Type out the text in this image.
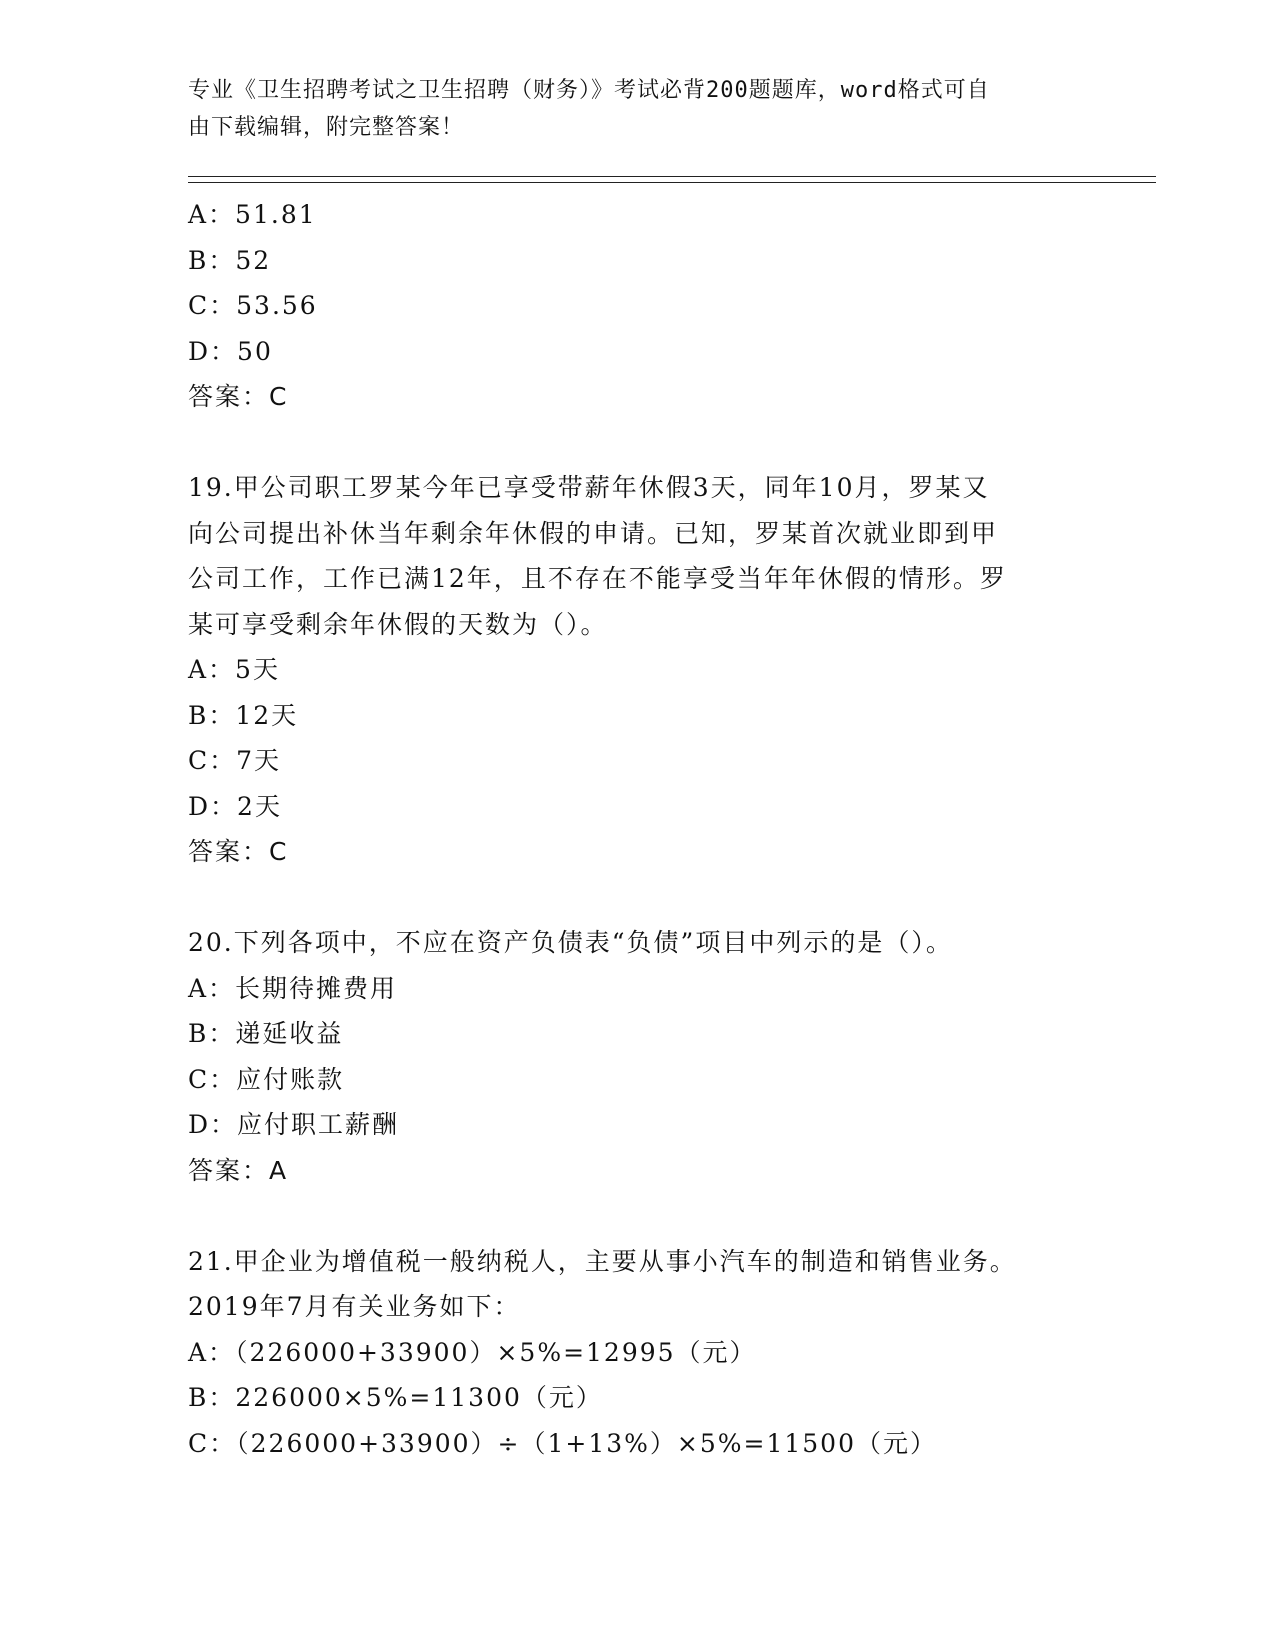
专业《卫生招聘考试之卫生招聘（财务）》考试必背200题题库，word格式可自
由下载编辑，附完整答案！
A：51.81
B：52
C：53.56
D：50
答案：C
19.甲公司职工罗某今年已享受带薪年休假3天，同年10月，罗某又
向公司提出补休当年剩余年休假的申请。已知，罗某首次就业即到甲
公司工作，工作已满12年，且不存在不能享受当年年休假的情形。罗
某可享受剩余年休假的天数为（）。
A：5天
B：12天
C：7天
D：2天
答案：C
20.下列各项中，不应在资产负债表“负债”项目中列示的是（）。
A：长期待摊费用
B：递延收益
C：应付账款
D：应付职工薪酬
答案：A
21.甲企业为增值税一般纳税人，主要从事小汽车的制造和销售业务。
2019年7月有关业务如下：
A：（226000+33900）×5%=12995（元）
B：226000×5%=11300（元）
C：（226000+33900）÷（1+13%）×5%=11500（元）
